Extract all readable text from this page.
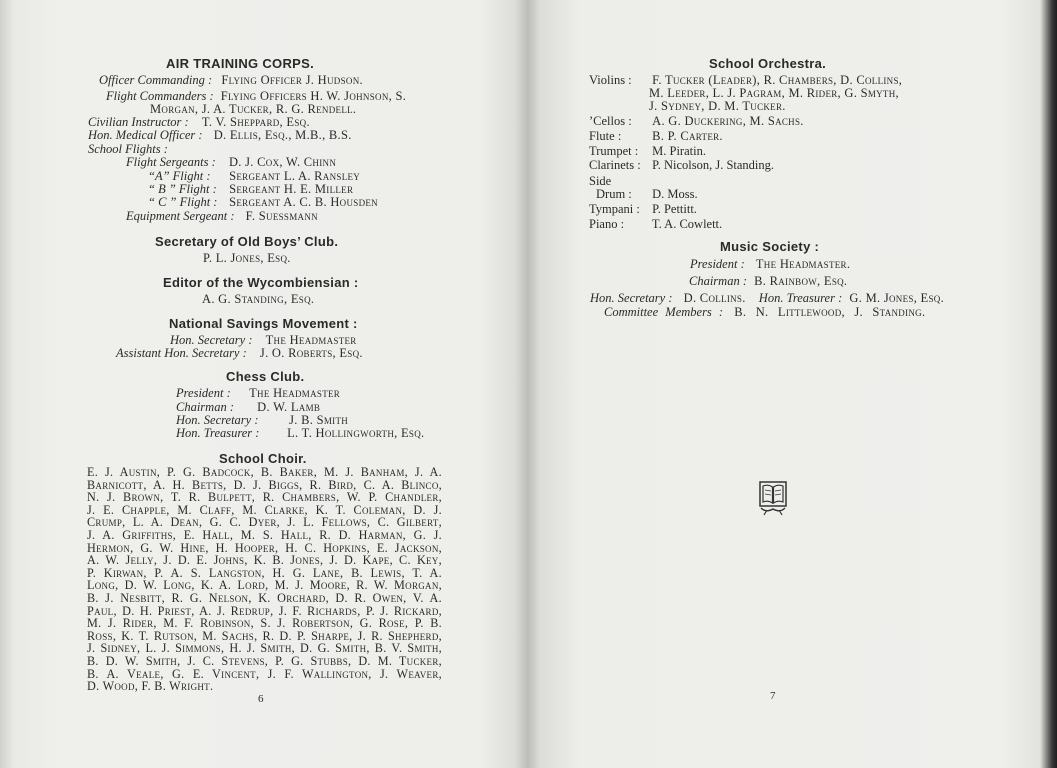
AIR TRAINING CORPS.
Officer Commanding : Flying Officer J. Hudson.
Flight Commanders : Flying Officers H. W. Johnson, S.
Morgan, J. A. Tucker, R. G. Rendell.
Civilian Instructor : T. V. Sheppard, Esq.
Hon. Medical Officer : D. Ellis, Esq., M.B., B.S.
School Flights :
Flight Sergeants : D. J. Cox, W. Chinn
“A” Flight : Sergeant L. A. Ransley
“ B ” Flight : Sergeant H. E. Miller
“ C ” Flight : Sergeant A. C. B. Housden
Equipment Sergeant : F. Suessmann
Secretary of Old Boys’ Club.
P. L. Jones, Esq.
Editor of the Wycombiensian :
A. G. Standing, Esq.
National Savings Movement :
Hon. Secretary : The Headmaster
Assistant Hon. Secretary : J. O. Roberts, Esq.
Chess Club.
President : The Headmaster
Chairman : D. W. Lamb
Hon. Secretary : J. B. Smith
Hon. Treasurer : L. T. Hollingworth, Esq.
School Choir.

E. J. Austin, P. G. Badcock, B. Baker, M. J. Banham, J. A.

Barnicott, A. H. Betts, D. J. Biggs, R. Bird, C. A. Blinco,

N. J. Brown, T. R. Bulpett, R. Chambers, W. P. Chandler,

J. E. Chapple, M. Claff, M. Clarke, K. T. Coleman, D. J.

Crump, L. A. Dean, G. C. Dyer, J. L. Fellows, C. Gilbert,

J. A. Griffiths, E. Hall, M. S. Hall, R. D. Harman, G. J.

Hermon, G. W. Hine, H. Hooper, H. C. Hopkins, E. Jackson,

A. W. Jelly, J. D. E. Johns, K. B. Jones, J. D. Kape, C. Key,

P. Kirwan, P. A. S. Langston, H. G. Lane, B. Lewis, T. A.

Long, D. W. Long, K. A. Lord, M. J. Moore, R. W. Morgan,

B. J. Nesbitt, R. G. Nelson, K. Orchard, D. R. Owen, V. A.

Paul, D. H. Priest, A. J. Redrup, J. F. Richards, P. J. Rickard,

M. J. Rider, M. F. Robinson, S. J. Robertson, G. Rose, P. B.

Ross, K. T. Rutson, M. Sachs, R. D. P. Sharpe, J. R. Shepherd,

J. Sidney, L. J. Simmons, H. J. Smith, D. G. Smith, B. V. Smith,

B. D. W. Smith, J. C. Stevens, P. G. Stubbs, D. M. Tucker,

B. A. Veale, G. E. Vincent, J. F. Wallington, J. Weaver,

D. Wood, F. B. Wright.

6
School Orchestra.
Violins : F. Tucker (Leader), R. Chambers, D. Collins,
M. Leeder, L. J. Pagram, M. Rider, G. Smyth,
J. Sydney, D. M. Tucker.
’Cellos : A. G. Duckering, M. Sachs.
Flute : B. P. Carter.
Trumpet : M. Piratin.
Clarinets : P. Nicolson, J. Standing.
Side
Drum : D. Moss.
Tympani : P. Pettitt.
Piano : T. A. Cowlett.
Music Society :
President : The Headmaster.
Chairman : B. Rainbow, Esq.
Hon. Secretary : D. Collins. Hon. Treasurer : G. M. Jones, Esq.
Committee Members : B. N. Littlewood, J. Standing.
7
